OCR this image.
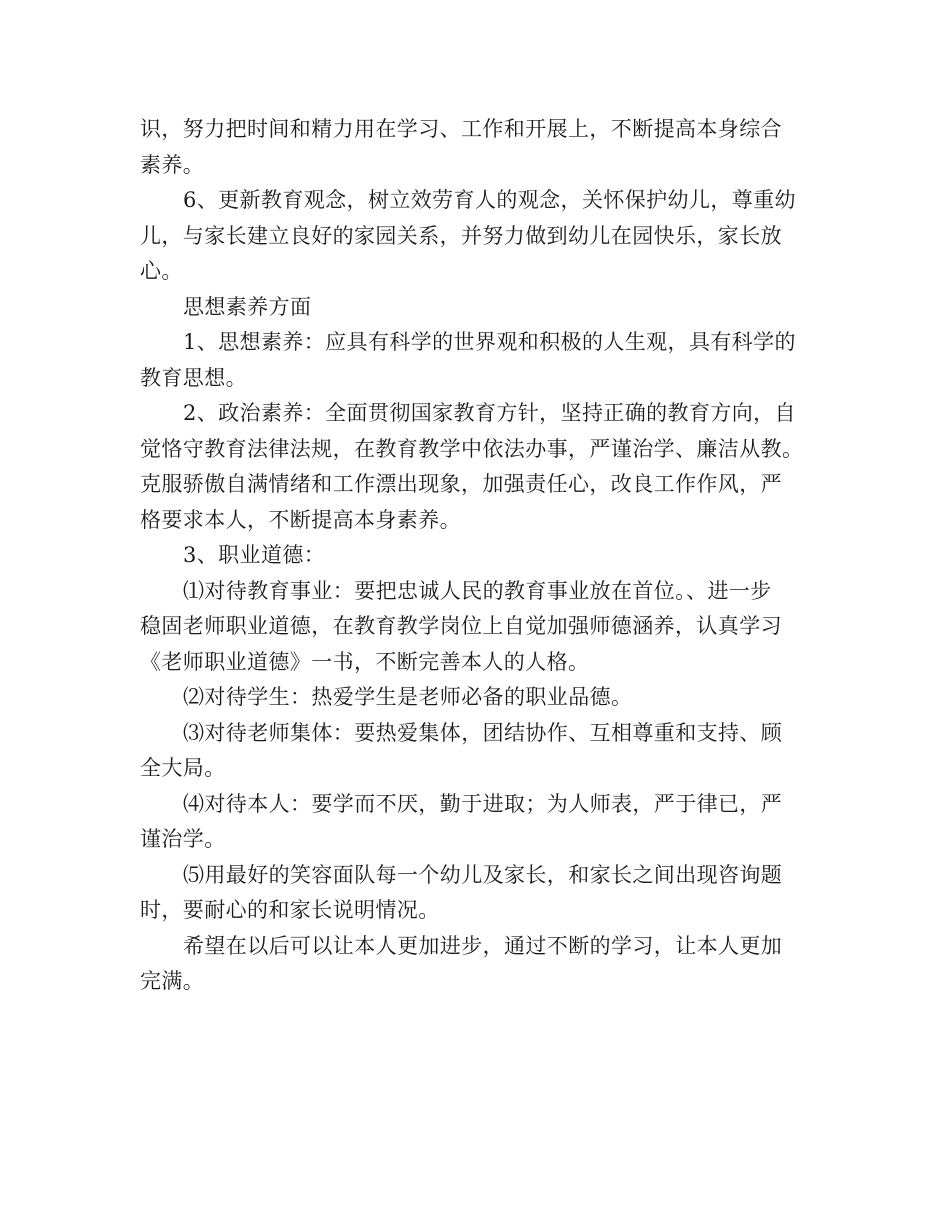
识，努力把时间和精力用在学习、工作和开展上，不断提高本身综合
素养。
6、更新教育观念，树立效劳育人的观念，关怀保护幼儿，尊重幼
儿，与家长建立良好的家园关系，并努力做到幼儿在园快乐，家长放
心。
思想素养方面
1、思想素养：应具有科学的世界观和积极的人生观，具有科学的
教育思想。
2、政治素养：全面贯彻国家教育方针，坚持正确的教育方向，自
觉恪守教育法律法规，在教育教学中依法办事，严谨治学、廉洁从教。
克服骄傲自满情绪和工作漂出现象，加强责任心，改良工作作风，严
格要求本人，不断提高本身素养。
3、职业道德：
⑴对待教育事业：要把忠诚人民的教育事业放在首位。、进一步
稳固老师职业道德，在教育教学岗位上自觉加强师德涵养，认真学习
《老师职业道德》一书，不断完善本人的人格。
⑵对待学生：热爱学生是老师必备的职业品德。
⑶对待老师集体：要热爱集体，团结协作、互相尊重和支持、顾
全大局。
⑷对待本人：要学而不厌，勤于进取；为人师表，严于律已，严
谨治学。
⑸用最好的笑容面队每一个幼儿及家长，和家长之间出现咨询题
时，要耐心的和家长说明情况。
希望在以后可以让本人更加进步，通过不断的学习，让本人更加
完满。
